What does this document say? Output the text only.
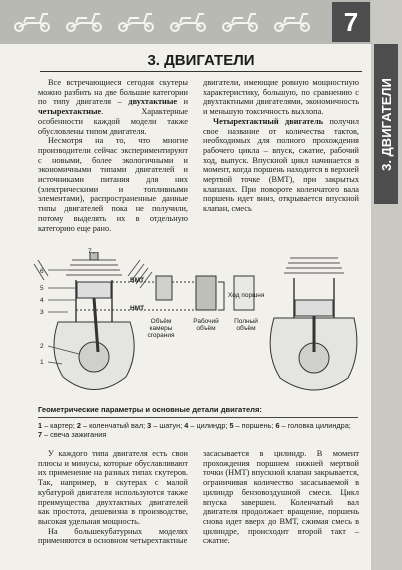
7
3. ДВИГАТЕЛИ
3. ДВИГАТЕЛИ

Все встречающиеся сегодня скутеры можно разбить на две большие категории по типу двигателя – двухтактные и четырехтактные. Характерные особенности каждой модели также обусловлены типом двигателя.

Несмотря на то, что многие производители сейчас экспериментируют с новыми, более экологичными и экономичными типами двигателей и источниками питания для них (электрическими и топливными элементами), распространенные данные типы двигателей пока не получили, потому выделять их в отдельную категорию еще рано.

двигатели, имеющие ровную мощностную характеристику, большую, по сравнению с двухтактными двигателями, экономичность и меньшую токсичность выхлопа.

Четырехтактный двигатель получил свое название от количества тактов, необходимых для полного прохождения рабочего цикла – впуск, сжатие, рабочий ход, выпуск. Впускной цикл начинается в момент, когда поршень находится в верхней мертвой точке (ВМТ), при закрытых клапанах. При повороте коленчатого вала поршень идет вниз, открывается впускной клапан, смесь

7
6
5
4
3
2
1
ВМТ
НМТ
Ход поршня
Объём камеры сгорания
Рабочий объём
Полный объём
Геометрические параметры и основные детали двигателя:
1 – картер; 2 – коленчатый вал; 3 – шатун; 4 – цилиндр; 5 – поршень; 6 – головка цилиндра;
7 – свеча зажигания

У каждого типа двигателя есть свои плюсы и минусы, которые обуславливают их применение на разных типах скутеров. Так, например, в скутерах с малой кубатурой двигателя используются также преимущества двухтактных двигателей как простота, дешевизна в производстве, высокая удельная мощность.

На большекубатурных моделях применяются в основном четырехтактные

засасывается в цилиндр. В момент прохождения поршнем нижней мертвой точки (НМТ) впускной клапан закрывается, ограничивая количество засасываемой в цилиндр бензовоздушной смеси. Цикл впуска завершен. Коленчатый вал двигателя продолжает вращение, поршень снова идет вверх до ВМТ, сжимая смесь в цилиндре, происходит второй такт – сжатие.
